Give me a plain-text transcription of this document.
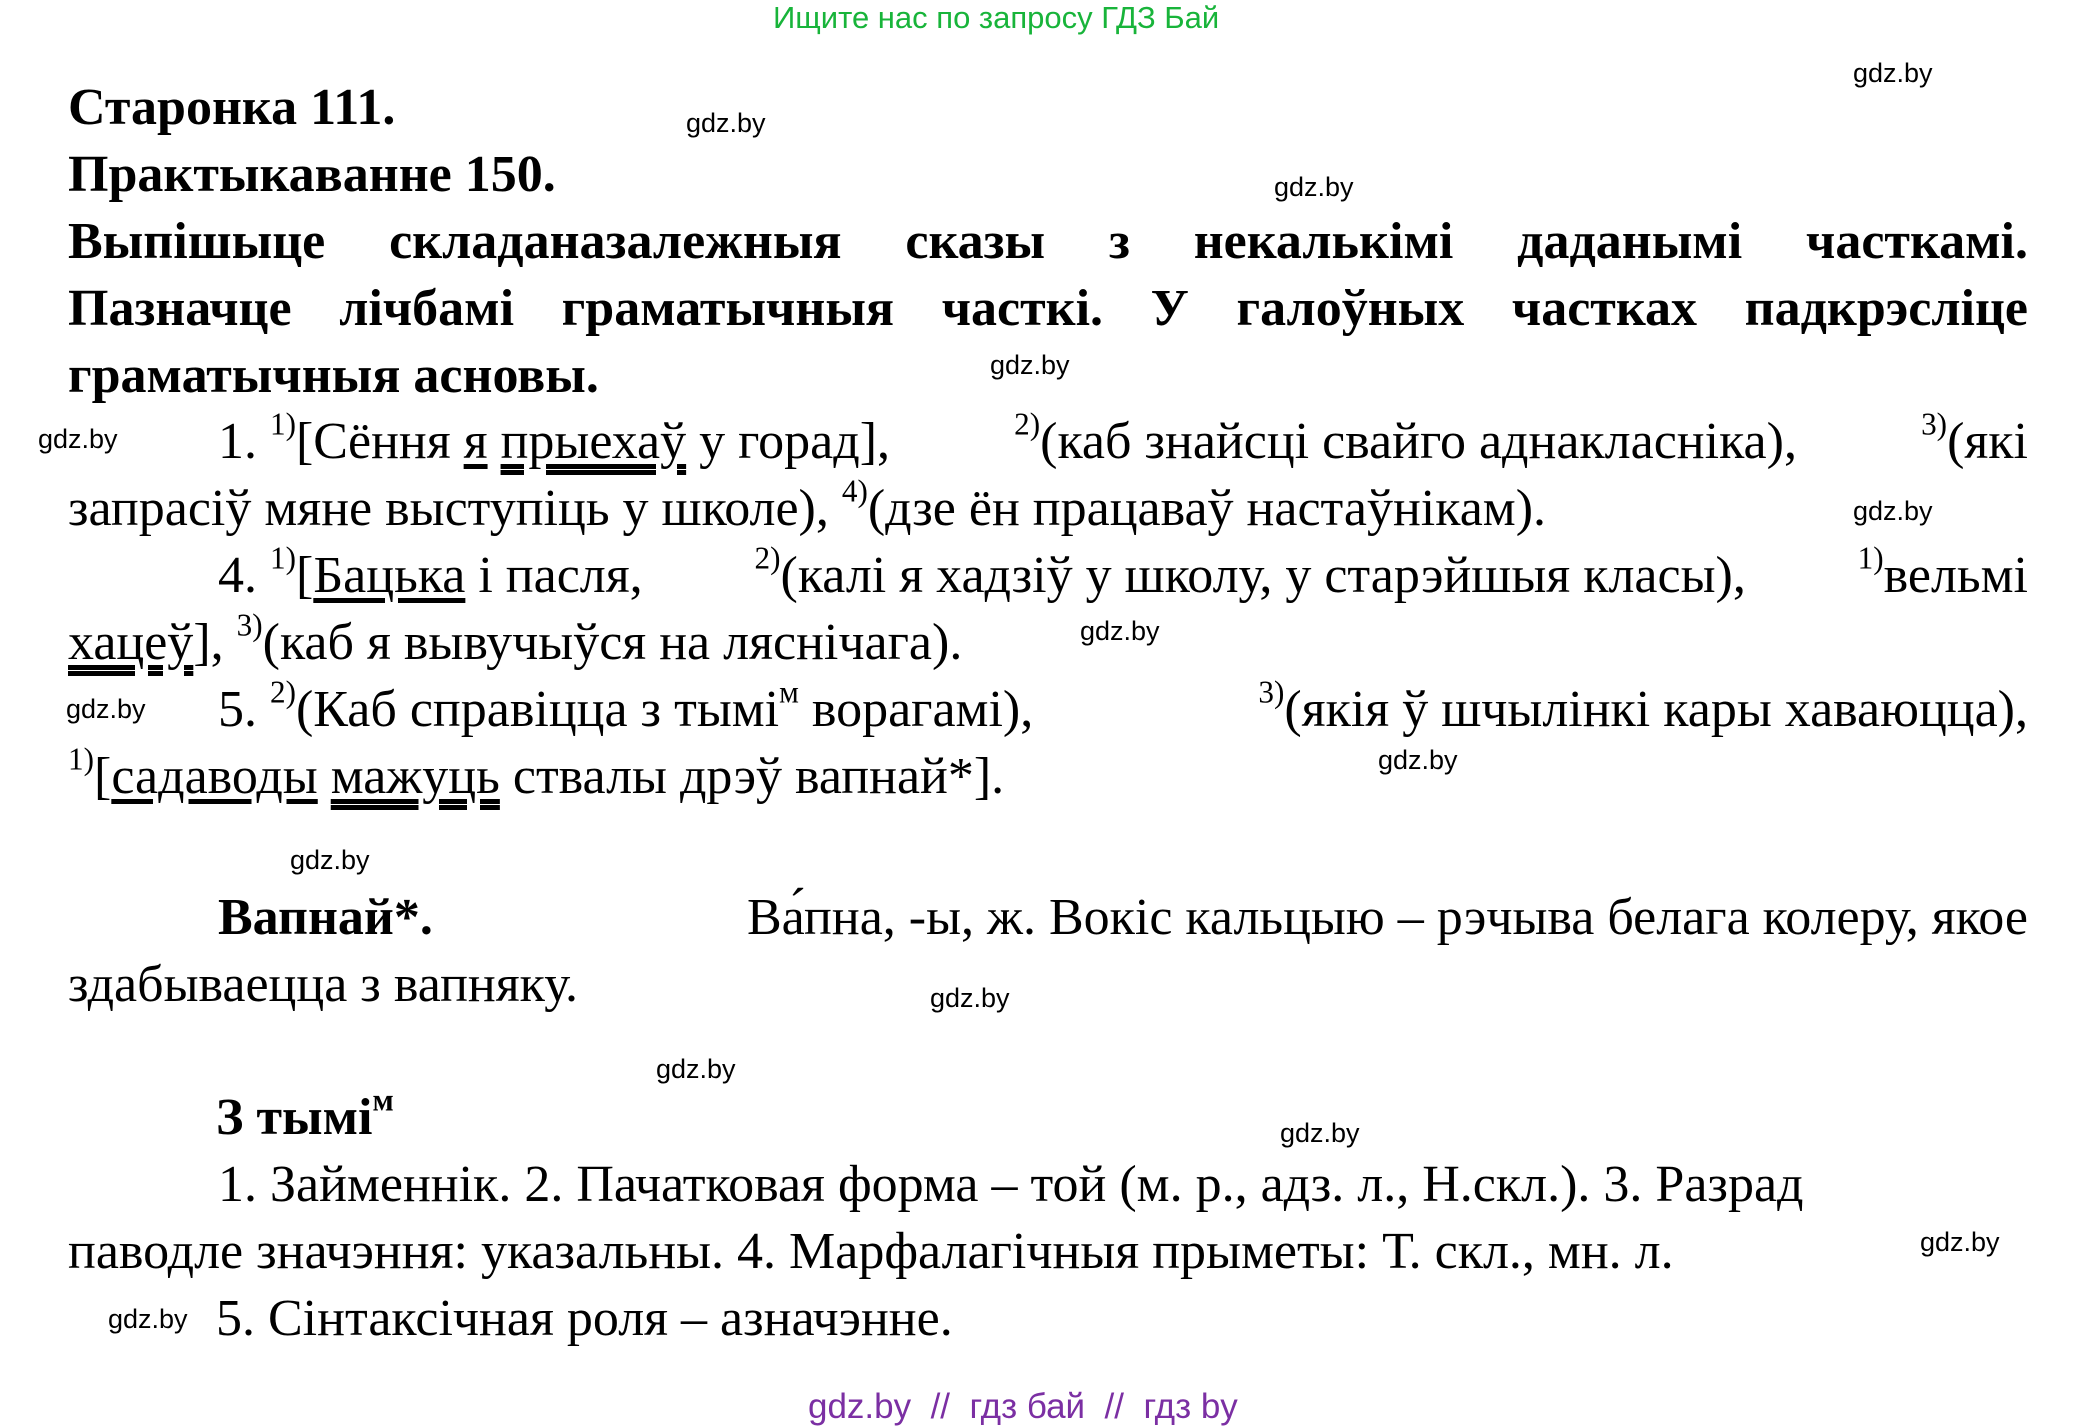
Ищите нас по запросу ГДЗ Бай
Старонка 111.
Практыкаванне 150.
Выпішыце складаназалежныя сказы з некалькімі даданымі часткамі.
Пазначце лічбамі граматычныя часткі. У галоўных частках падкрэсліце
граматычныя асновы.
1. $^{1)}$[Сёння я прыехаў у горад],	$^{2)}$(каб знайсці свайго аднакласніка),	$^{3)}$(які
запрасіў мяне выступіць у школе), $^{4)}$(дзе ён працаваў настаўнікам).
4. $^{1)}$[Бацька і пасля,	$^{2)}$(калі я хадзіў у школу, у старэйшыя класы),	$^{1)}$вельмі
хацеў], $^{3)}$(каб я вывучыўся на ляснічага).
5. $^{2)}$(Каб справіцца з тымі$^м$ ворагамі),	$^{3)}$(якія ў шчылінкі кары хаваюцца),
$^{1)}$[садаводы мажуць ствалы дрэў вапнай*].
Вапнай*.	Ва́пна, -ы, ж. Вокіс кальцыю – рэчыва белага колеру, якое
здабываецца з вапняку.
З тымі$^м$
1. Займеннік. 2. Пачатковая форма – той (м. р., адз. л., Н.скл.). 3. Разрад
паводле значэння: указальны. 4. Марфалагічныя прыметы: Т. скл., мн. л.
5. Сінтаксічная роля – азначэнне.
gdz.by
gdz.by
gdz.by
gdz.by
gdz.by
gdz.by
gdz.by
gdz.by
gdz.by
gdz.by
gdz.by
gdz.by
gdz.by
gdz.by
gdz.by
gdz.by  //  гдз бай  //  гдз by
